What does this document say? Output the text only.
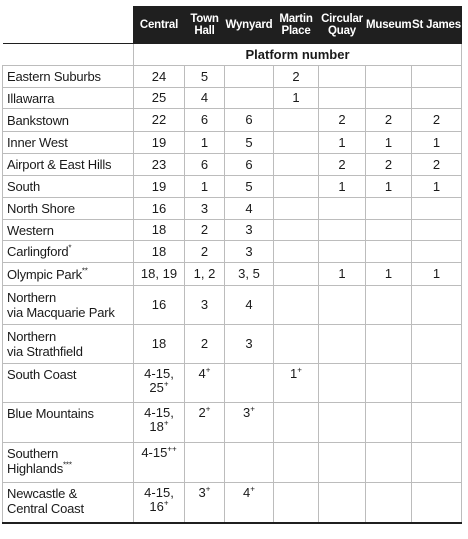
	Central	Town Hall	Wynyard	Martin Place	Circular Quay	Museum	St James
	Platform number						
Eastern Suburbs	24	5		2			
Illawarra	25	4		1			
Bankstown	22	6	6		2	2	2
Inner West	19	1	5		1	1	1
Airport & East Hills	23	6	6		2	2	2
South	19	1	5		1	1	1
North Shore	16	3	4				
Western	18	2	3				
Carlingford*	18	2	3				
Olympic Park**	18, 19	1, 2	3, 5		1	1	1
Northern
via Macquarie Park	16	3	4				
Northern
via Strathfield	18	2	3				
South Coast	4-15,
25+	4+		1+			
Blue Mountains	4-15,
18+	2+	3+				
Southern
Highlands***	4-15++						
Newcastle &
Central Coast	4-15,
16+	3+	4+				
